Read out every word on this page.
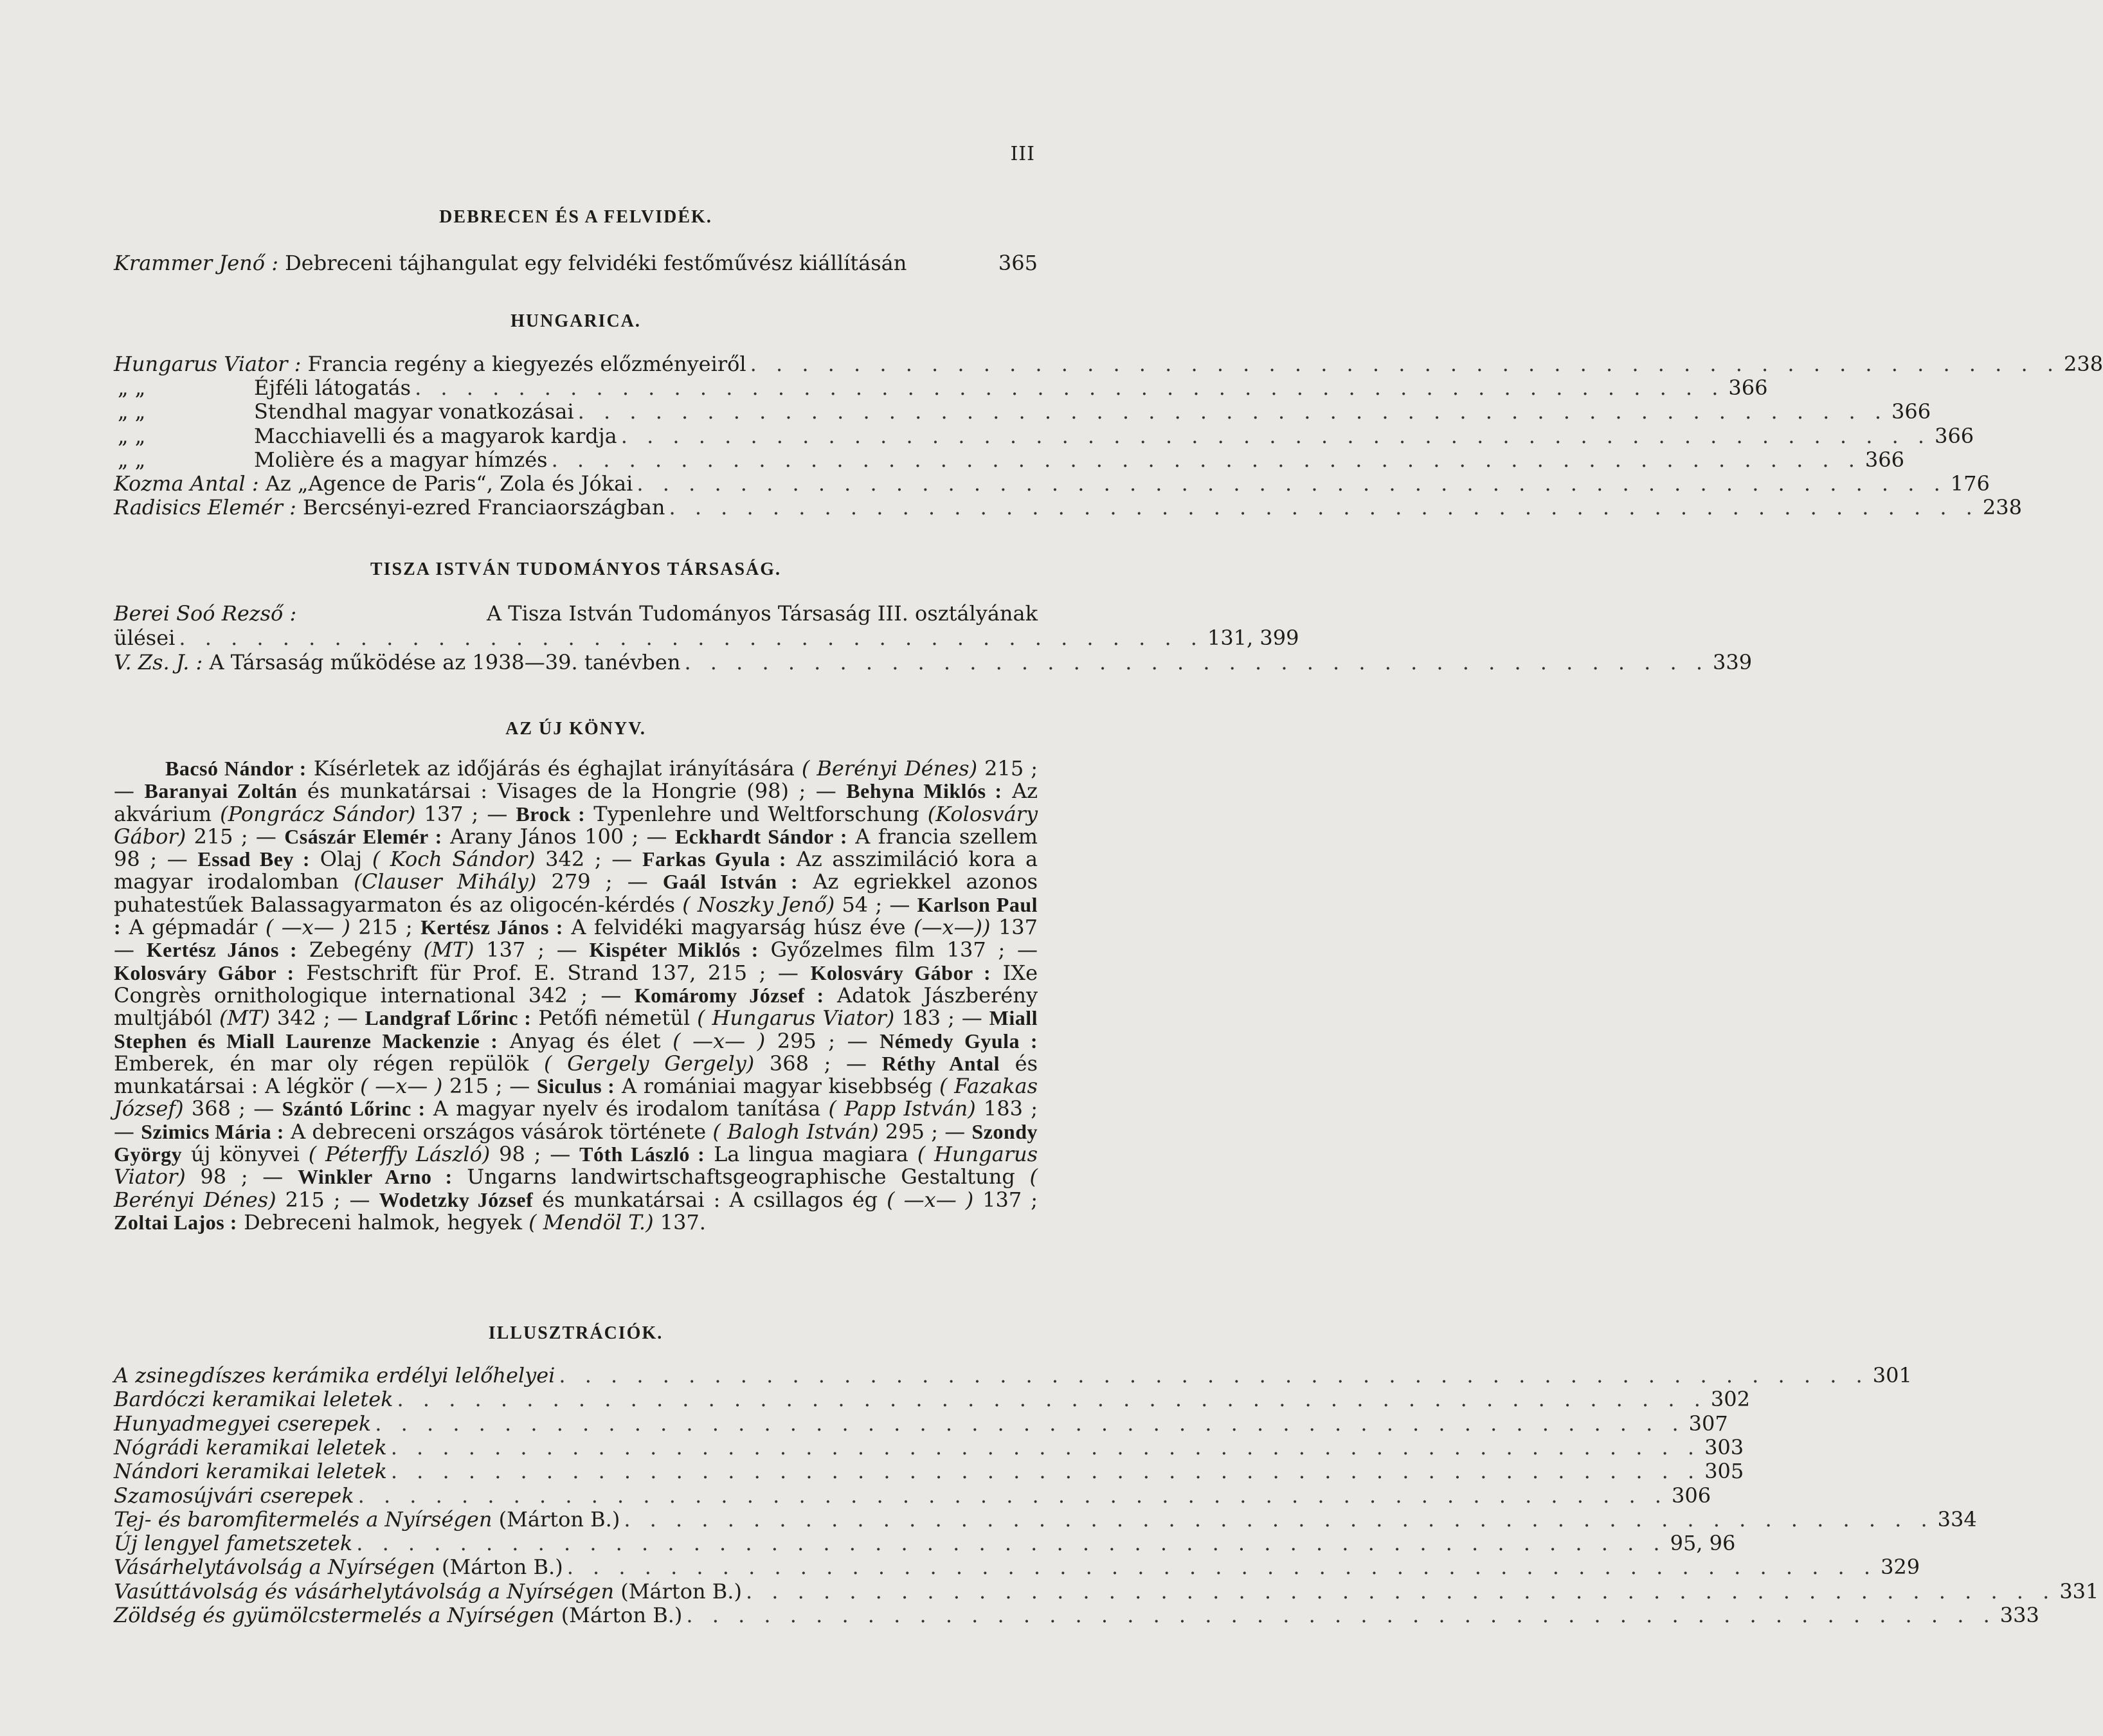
III
DEBRECEN ÉS A FELVIDÉK.
Krammer Jenő : Debreceni tájhangulat egy felvidéki festőművész kiállításán	365
HUNGARICA.
Hungarus Viator : Francia regény a kiegyezés előzményeiről . . . . . . . . . . . . . . . . . . . . . . . . . . . . . . . . . . . . . . . . . . . . . . . . . . . 238
„ „	Éjféli látogatás . . . . . . . . . . . . . . . . . . . . . . . . . . . . . . . . . . . . . . . . . . . . . . . . . . . 366
„ „	Stendhal magyar vonatkozásai . . . . . . . . . . . . . . . . . . . . . . . . . . . . . . . . . . . . . . . . . . . . . . . . . . . 366
„ „	Macchiavelli és a magyarok kardja . . . . . . . . . . . . . . . . . . . . . . . . . . . . . . . . . . . . . . . . . . . . . . . . . . . 366
„ „	Molière és a magyar hímzés . . . . . . . . . . . . . . . . . . . . . . . . . . . . . . . . . . . . . . . . . . . . . . . . . . . 366
Kozma Antal : Az „Agence de Paris“, Zola és Jókai . . . . . . . . . . . . . . . . . . . . . . . . . . . . . . . . . . . . . . . . . . . . . . . . . . . 176
Radisics Elemér : Bercsényi-ezred Franciaországban . . . . . . . . . . . . . . . . . . . . . . . . . . . . . . . . . . . . . . . . . . . . . . . . . . . 238
TISZA ISTVÁN TUDOMÁNYOS TÁRSASÁG.
Berei Soó Rezső :	A Tisza István Tudományos Társaság III. osztályának
ülései . . . . . . . . . . . . . . . . . . . . . . . . . . . . . . . . . . . . . . . . 131, 399
V. Zs. J. : A Társaság működése az 1938—39. tanévben . . . . . . . . . . . . . . . . . . . . . . . . . . . . . . . . . . . . . . . . 339
AZ ÚJ KÖNYV.
Bacsó Nándor : Kísérletek az időjárás és éghajlat irányítására ( Berényi Dénes) 215 ; — Baranyai Zoltán és munkatársai : Visages de la Hongrie (98) ; — Behyna Miklós : Az akvárium (Pongrácz Sándor) 137 ; — Brock : Typenlehre und Weltforschung (Kolosváry Gábor) 215 ; — Császár Elemér : Arany János 100 ; — Eckhardt Sándor : A francia szellem 98 ; — Essad Bey : Olaj ( Koch Sándor) 342 ; — Farkas Gyula : Az asszimiláció kora a magyar irodalomban (Clauser Mihály) 279 ; — Gaál István : Az egriekkel azonos puhatestűek Balassagyarmaton és az oligocén-kérdés ( Noszky Jenő) 54 ; — Karlson Paul : A gépmadár ( —x— ) 215 ; Kertész János : A felvidéki magyarság húsz éve (—x—)) 137 — Kertész János : Zebegény (MT) 137 ; — Kispéter Miklós : Győzelmes film 137 ; — Kolosváry Gábor : Festschrift für Prof. E. Strand 137, 215 ; — Kolosváry Gábor : IXe Congrès ornithologique international 342 ; — Komáromy József : Adatok Jászberény multjából (MT) 342 ; — Landgraf Lőrinc : Petőfi németül ( Hungarus Viator) 183 ; — Miall Stephen és Miall Laurenze Mackenzie : Anyag és élet ( —x— ) 295 ; — Némedy Gyula : Emberek, én mar oly régen repülök ( Gergely Gergely) 368 ; — Réthy Antal és munkatársai : A légkör ( —x— ) 215 ; — Siculus : A romániai magyar kisebbség ( Fazakas József) 368 ; — Szántó Lőrinc : A magyar nyelv és irodalom tanítása ( Papp István) 183 ; — Szimics Mária : A debreceni országos vásárok története ( Balogh István) 295 ; — Szondy György új könyvei ( Péterffy László) 98 ; — Tóth László : La lingua magiara ( Hungarus Viator) 98 ; — Winkler Arno : Ungarns landwirtschaftsgeographische Gestaltung ( Berényi Dénes) 215 ; — Wodetzky József és munkatársai : A csillagos ég ( —x— ) 137 ; Zoltai Lajos : Debreceni halmok, hegyek ( Mendöl T.) 137.
ILLUSZTRÁCIÓK.
A zsinegdíszes kerámika erdélyi lelőhelyei . . . . . . . . . . . . . . . . . . . . . . . . . . . . . . . . . . . . . . . . . . . . . . . . . . . 301
Bardóczi keramikai leletek . . . . . . . . . . . . . . . . . . . . . . . . . . . . . . . . . . . . . . . . . . . . . . . . . . . 302
Hunyadmegyei cserepek . . . . . . . . . . . . . . . . . . . . . . . . . . . . . . . . . . . . . . . . . . . . . . . . . . . 307
Nógrádi keramikai leletek . . . . . . . . . . . . . . . . . . . . . . . . . . . . . . . . . . . . . . . . . . . . . . . . . . . 303
Nándori keramikai leletek . . . . . . . . . . . . . . . . . . . . . . . . . . . . . . . . . . . . . . . . . . . . . . . . . . . 305
Szamosújvári cserepek . . . . . . . . . . . . . . . . . . . . . . . . . . . . . . . . . . . . . . . . . . . . . . . . . . . 306
Tej- és baromfitermelés a Nyírségen (Márton B.) . . . . . . . . . . . . . . . . . . . . . . . . . . . . . . . . . . . . . . . . . . . . . . . . . . . 334
Új lengyel fametszetek . . . . . . . . . . . . . . . . . . . . . . . . . . . . . . . . . . . . . . . . . . . . . . . . . . . 95, 96
Vásárhelytávolság a Nyírségen (Márton B.) . . . . . . . . . . . . . . . . . . . . . . . . . . . . . . . . . . . . . . . . . . . . . . . . . . . 329
Vasúttávolság és vásárhelytávolság a Nyírségen (Márton B.) . . . . . . . . . . . . . . . . . . . . . . . . . . . . . . . . . . . . . . . . . . . . . . . . . . . 331
Zöldség és gyümölcstermelés a Nyírségen (Márton B.) . . . . . . . . . . . . . . . . . . . . . . . . . . . . . . . . . . . . . . . . . . . . . . . . . . . 333
